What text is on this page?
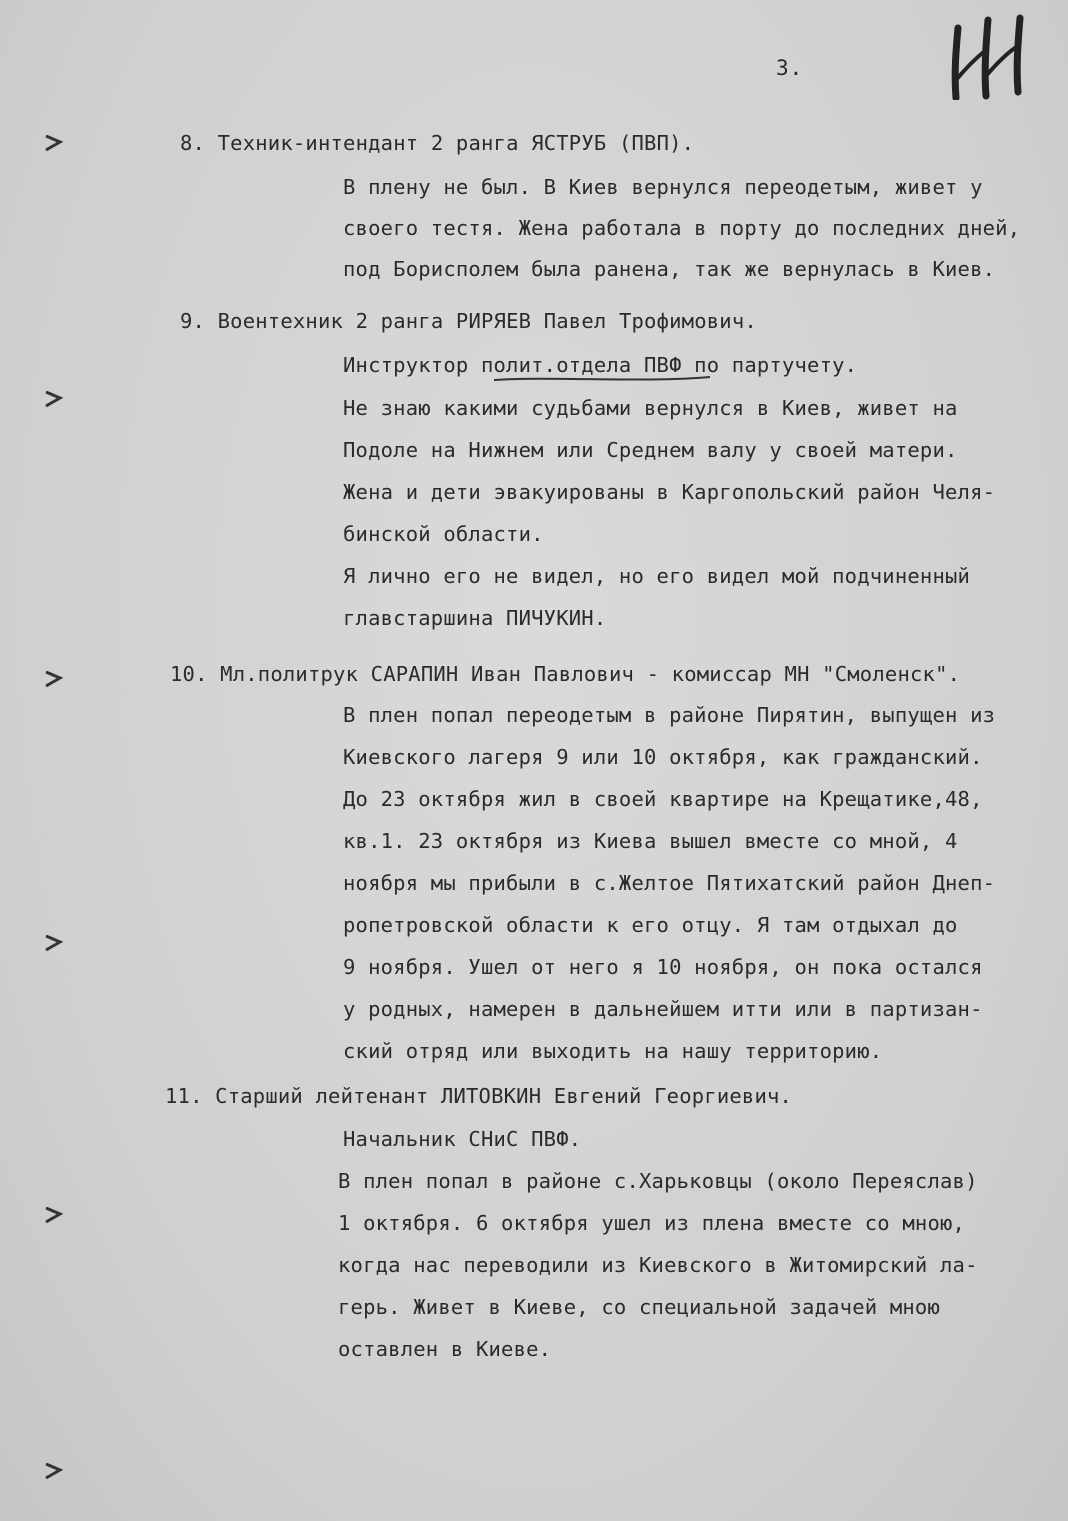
3.
8. Техник-интендант 2 ранга ЯСТРУБ (ПВП).
В плену не был. В Киев вернулся переодетым, живет у
своего тестя. Жена работала в порту до последних дней,
под Борисполем была ранена, так же вернулась в Киев.
9. Воентехник 2 ранга РИРЯЕВ Павел Трофимович.
Инструктор полит.отдела ПВФ по партучету.
Не знаю какими судьбами вернулся в Киев, живет на
Подоле на Нижнем или Среднем валу у своей матери.
Жена и дети эвакуированы в Каргопольский район Челя-
бинской области.
Я лично его не видел, но его видел мой подчиненный
главстаршина ПИЧУКИН.
10. Мл.политрук САРАПИН Иван Павлович - комиссар МН "Смоленск".
В плен попал переодетым в районе Пирятин, выпущен из
Киевского лагеря 9 или 10 октября, как гражданский.
До 23 октября жил в своей квартире на Крещатике,48,
кв.1. 23 октября из Киева вышел вместе со мной, 4
ноября мы прибыли в с.Желтое Пятихатский район Днеп-
ропетровской области к его отцу. Я там отдыхал до
9 ноября. Ушел от него я 10 ноября, он пока остался
у родных, намерен в дальнейшем итти или в партизан-
ский отряд или выходить на нашу территорию.
11. Старший лейтенант ЛИТОВКИН Евгений Георгиевич.
Начальник СНиС ПВФ.
В плен попал в районе с.Харьковцы (около Переяслав)
1 октября. 6 октября ушел из плена вместе со мною,
когда нас переводили из Киевского в Житомирский ла-
герь. Живет в Киеве, со специальной задачей мною
оставлен в Киеве.
